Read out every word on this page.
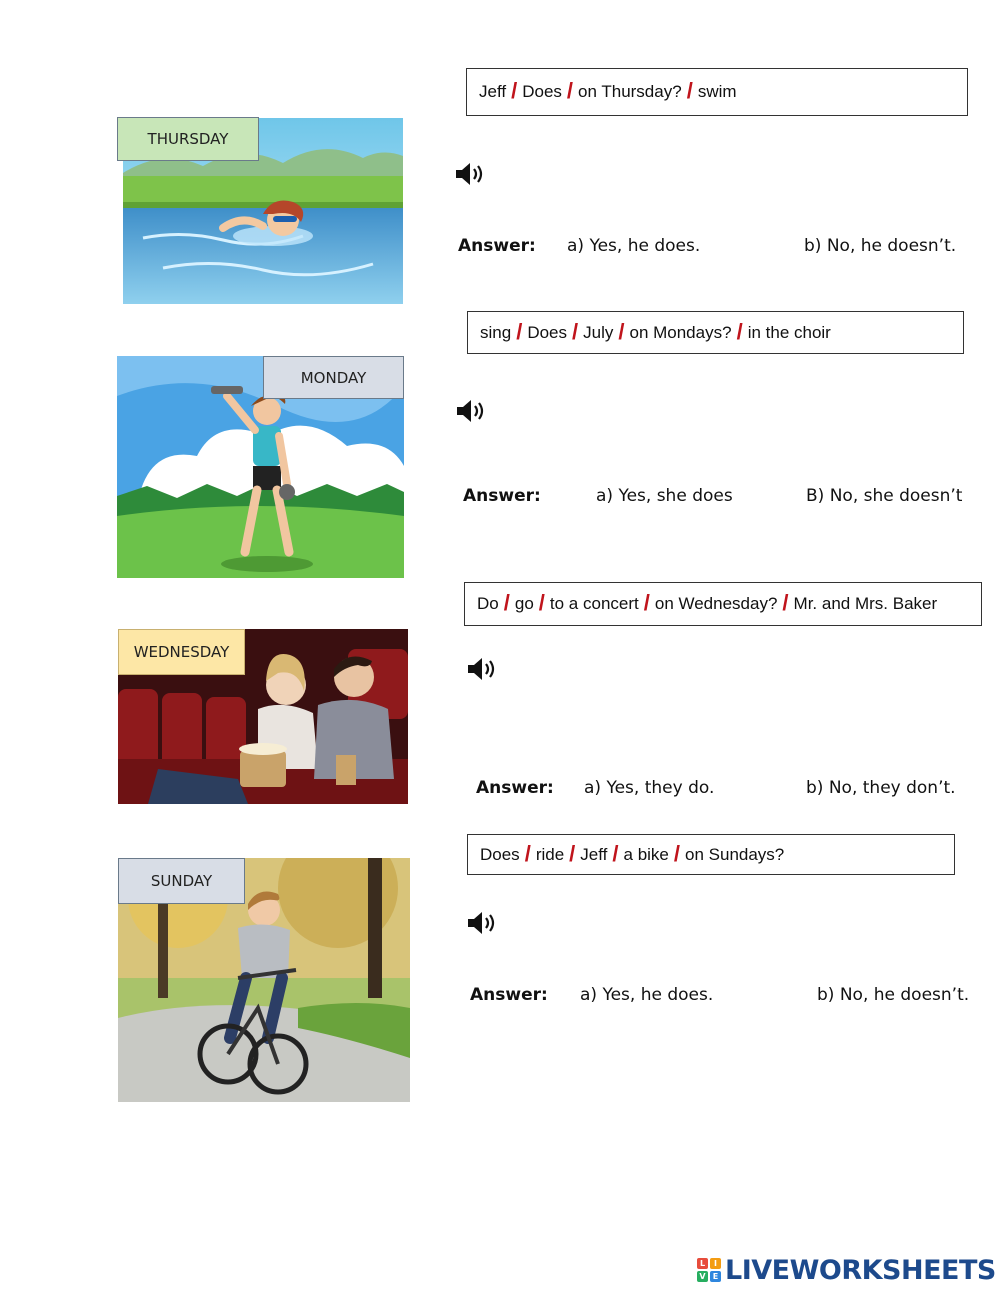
Jeff / Does / on Thursday? / swim
THURSDAY
Answer: a) Yes, he does.	b) No, he doesn’t.
sing / Does / July / on Mondays? / in the choir
MONDAY
Answer:	a) Yes, she does	B) No, she doesn’t
Do / go / to a concert / on Wednesday? / Mr. and Mrs. Baker
WEDNESDAY
Answer: a) Yes, they do.	b) No, they don’t.
Does / ride / Jeff / a bike / on Sundays?
SUNDAY
Answer: a) Yes, he does.	b) No, he doesn’t.
L	I
V E LIVEWORKSHEETS
